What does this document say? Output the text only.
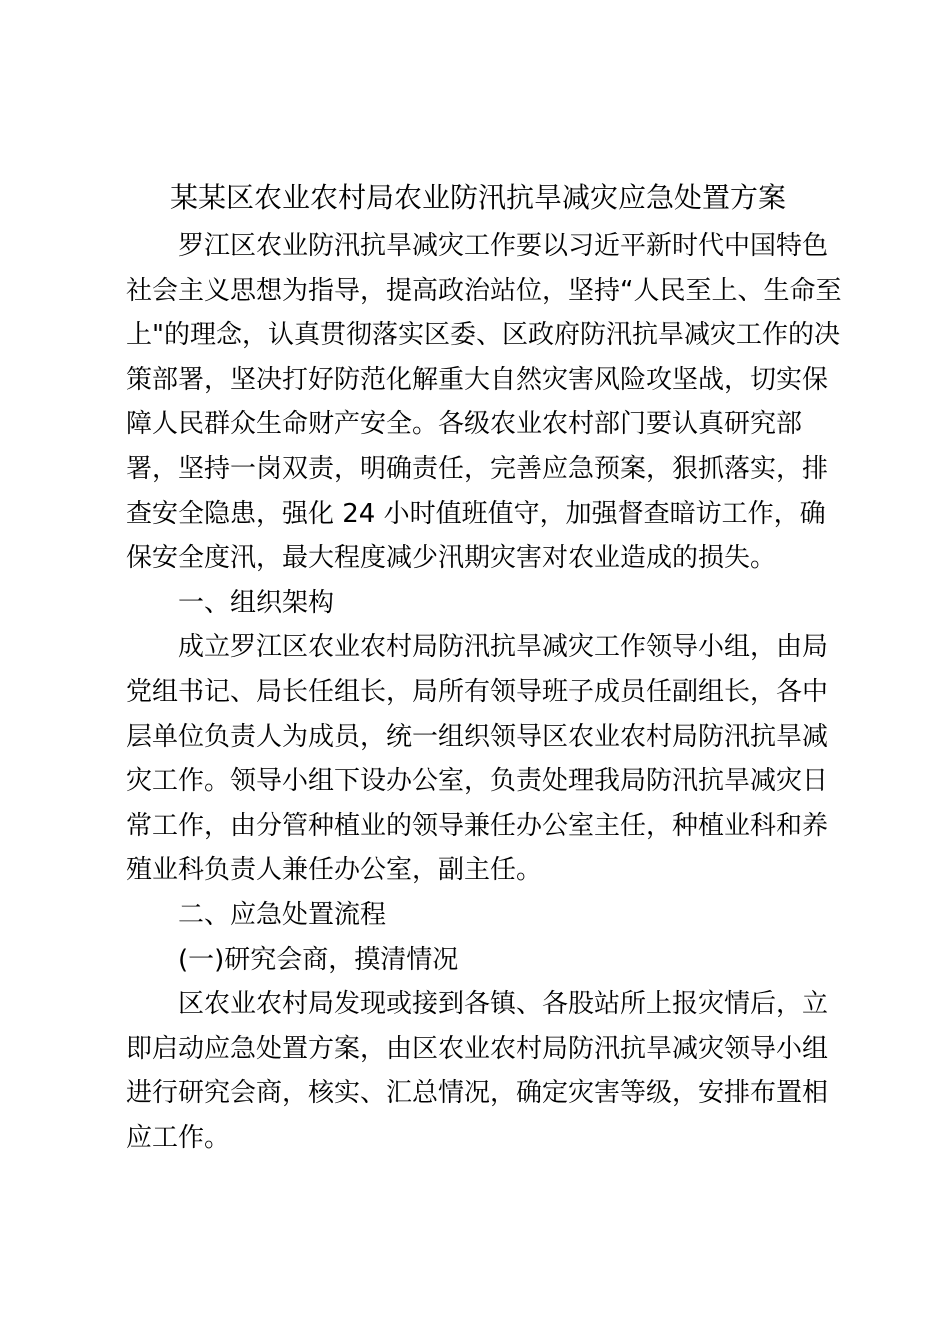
某某区农业农村局农业防汛抗旱减灾应急处置方案
罗江区农业防汛抗旱减灾工作要以习近平新时代中国特色
社会主义思想为指导，提高政治站位，坚持“人民至上、生命至
上"的理念，认真贯彻落实区委、区政府防汛抗旱减灾工作的决
策部署，坚决打好防范化解重大自然灾害风险攻坚战，切实保
障人民群众生命财产安全。各级农业农村部门要认真研究部
署，坚持一岗双责，明确责任，完善应急预案，狠抓落实，排
查安全隐患，强化 24 小时值班值守，加强督查暗访工作，确
保安全度汛，最大程度减少汛期灾害对农业造成的损失。
一、组织架构
成立罗江区农业农村局防汛抗旱减灾工作领导小组，由局
党组书记、局长任组长，局所有领导班子成员任副组长，各中
层单位负责人为成员，统一组织领导区农业农村局防汛抗旱减
灾工作。领导小组下设办公室，负责处理我局防汛抗旱减灾日
常工作，由分管种植业的领导兼任办公室主任，种植业科和养
殖业科负责人兼任办公室，副主任。
二、应急处置流程
(一)研究会商，摸清情况
区农业农村局发现或接到各镇、各股站所上报灾情后，立
即启动应急处置方案，由区农业农村局防汛抗旱减灾领导小组
进行研究会商，核实、汇总情况，确定灾害等级，安排布置相
应工作。
